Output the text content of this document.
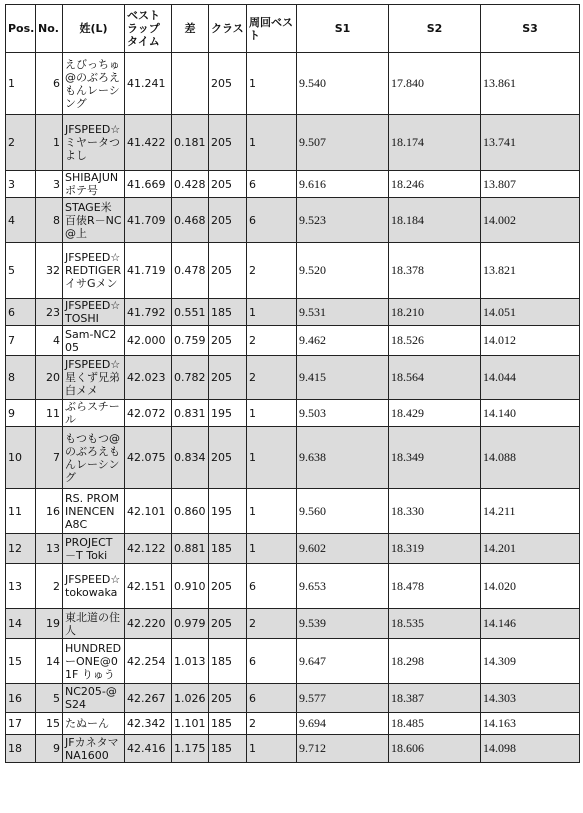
Pos.	No.	姓(L)	ベストラップタイム	差	クラス	周回ベスト	S1	S2	S3
1	6	えびっちゅ@のぶろえもんレーシング	41.241		205	1	9.540	17.840	13.861
2	1	JFSPEED☆ミヤータつよし	41.422	0.181	205	1	9.507	18.174	13.741
3	3	SHIBAJUNポテ号	41.669	0.428	205	6	9.616	18.246	13.807
4	8	STAGE米百俵R－NC@上	41.709	0.468	205	6	9.523	18.184	14.002
5	32	JFSPEED☆REDTIGERイサGメン	41.719	0.478	205	2	9.520	18.378	13.821
6	23	JFSPEED☆TOSHI	41.792	0.551	185	1	9.531	18.210	14.051
7	4	Sam-NC205	42.000	0.759	205	2	9.462	18.526	14.012
8	20	JFSPEED☆星くず兄弟白メメ	42.023	0.782	205	2	9.415	18.564	14.044
9	11	ぶらスチール	42.072	0.831	195	1	9.503	18.429	14.140
10	7	もつもつ@のぶろえもんレーシング	42.075	0.834	205	1	9.638	18.349	14.088
11	16	RS. PROMINENCENA8C	42.101	0.860	195	1	9.560	18.330	14.211
12	13	PROJECT－T Toki	42.122	0.881	185	1	9.602	18.319	14.201
13	2	JFSPEED☆tokowaka	42.151	0.910	205	6	9.653	18.478	14.020
14	19	東北道の住人	42.220	0.979	205	2	9.539	18.535	14.146
15	14	HUNDREDーONE@01F りゅう	42.254	1.013	185	6	9.647	18.298	14.309
16	5	NC205-@S24	42.267	1.026	205	6	9.577	18.387	14.303
17	15	たぬーん	42.342	1.101	185	2	9.694	18.485	14.163
18	9	JFカネタマNA1600	42.416	1.175	185	1	9.712	18.606	14.098
